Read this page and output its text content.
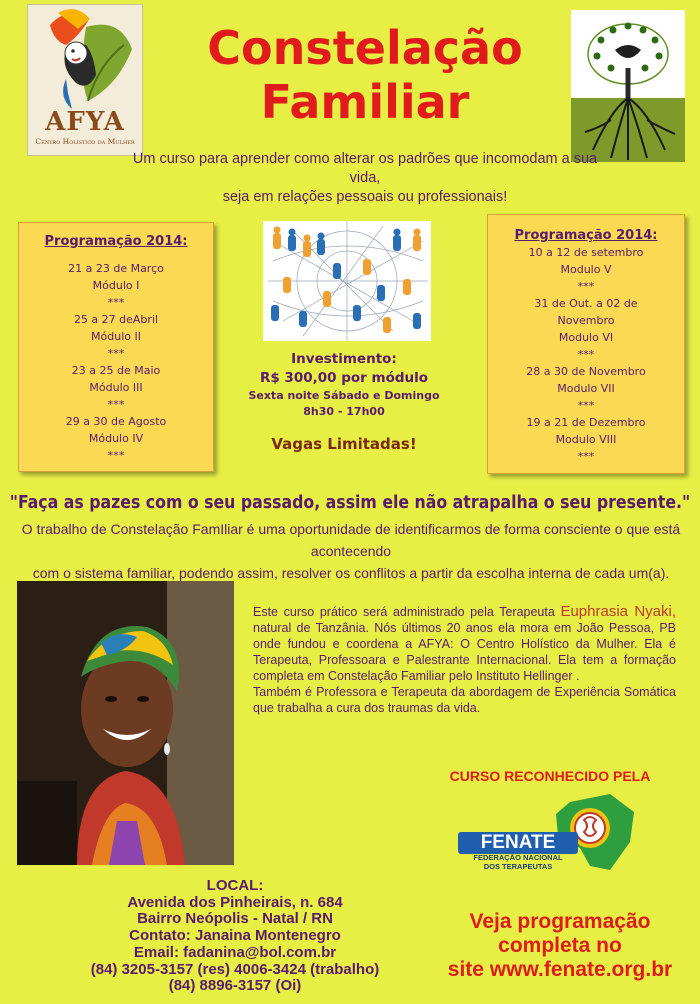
AFYA
Centro Holístico da Mulher
Constelação
Familiar
Um curso para aprender como alterar os padrões que incomodam a sua vida,
seja em relações pessoais ou professionais!
Programação 2014:
21 a 23 de Março
Módulo I
***
25 a 27 deAbril
Módulo II
***
23 a 25 de Maio
Módulo III
***
29 a 30 de Agosto
Módulo IV
***
Investimento:
R$ 300,00 por módulo
Sexta noite Sábado e Domingo
8h30 - 17h00
Vagas Limitadas!
Programação 2014:
10 a 12 de setembro
Modulo V
***
31 de Out. a 02 de
Novembro
Modulo VI
***
28 a 30 de Novembro
Modulo VII
***
19 a 21 de Dezembro
Modulo VIII
***
"Faça as pazes com o seu passado, assim ele não atrapalha o seu presente."
O trabalho de Constelação FamIliar é uma oportunidade de identificarmos de forma consciente o que está acontecendo
com o sistema familiar, podendo assim, resolver os conflitos a partir da escolha interna de cada um(a).
Este curso prático será administrado pela Terapeuta Euphrasia Nyaki, natural de Tanzânia. Nós últimos 20 anos ela mora em João Pessoa, PB onde fundou e coordena a AFYA: O Centro Holístico da Mulher. Ela é Terapeuta, Professoara e Palestrante Internacional. Ela tem a formação completa em Constelação Familiar pelo Instituto Hellinger .
Também é Professora e Terapeuta da abordagem de Experiência Somática que trabalha a cura dos traumas da vida.
CURSO RECONHECIDO PELA
FENATE
FEDERAÇÃO NACIONAL
DOS TERAPEUTAS
LOCAL:
Avenida dos Pinheirais, n. 684
Bairro Neópolis - Natal / RN
Contato: Janaina Montenegro
Email: fadanina@bol.com.br
(84) 3205-3157 (res) 4006-3424 (trabalho)
(84) 8896-3157 (Oi)
Veja programação completa no
site www.fenate.org.br
